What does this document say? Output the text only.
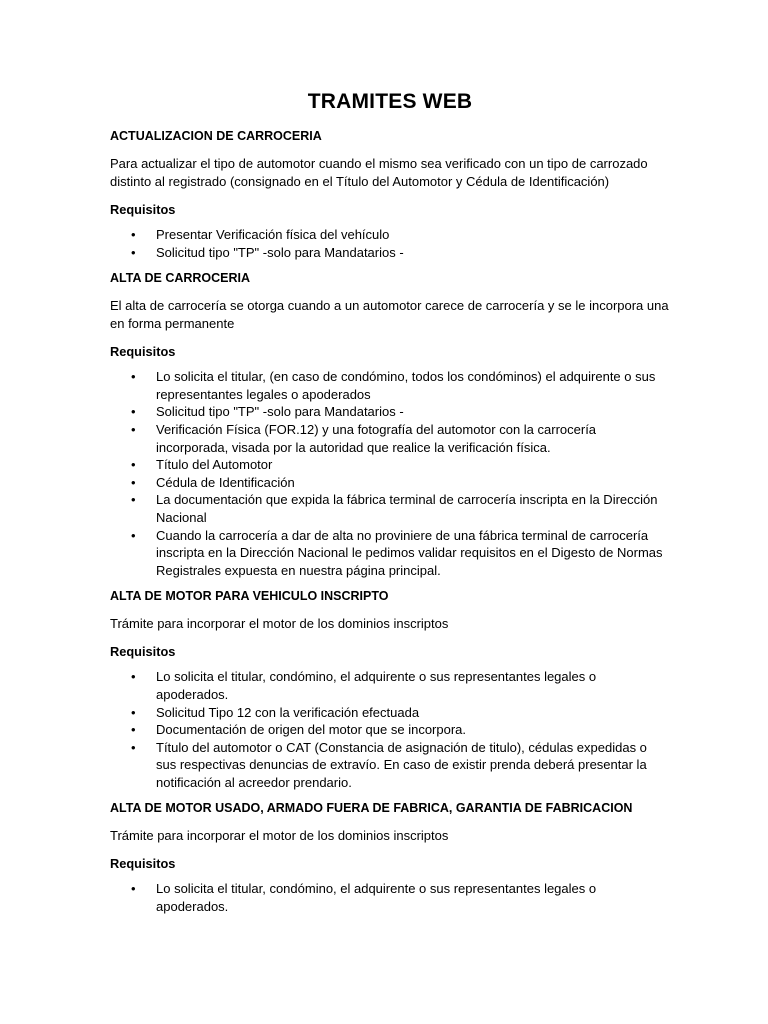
TRAMITES WEB
ACTUALIZACION DE CARROCERIA
Para actualizar el tipo de automotor cuando el mismo sea verificado con un tipo de carrozado distinto al registrado (consignado en el Título del Automotor y Cédula de Identificación)
Requisitos
• Presentar Verificación física del vehículo
• Solicitud tipo "TP" -solo para Mandatarios -
ALTA DE CARROCERIA
El alta de carrocería se otorga cuando a un automotor carece de carrocería y se le incorpora una en forma permanente
Requisitos
• Lo solicita el titular, (en caso de condómino, todos los condóminos) el adquirente o sus representantes legales o apoderados
• Solicitud tipo "TP" -solo para Mandatarios -
• Verificación Física (FOR.12) y una fotografía del automotor con la carrocería incorporada, visada por la autoridad que realice la verificación física.
• Título del Automotor
• Cédula de Identificación
• La documentación que expida la fábrica terminal de carrocería inscripta en la Dirección Nacional
• Cuando la carrocería a dar de alta no proviniere de una fábrica terminal de carrocería inscripta en la Dirección Nacional le pedimos validar requisitos en el Digesto de Normas Registrales expuesta en nuestra página principal.
ALTA DE MOTOR PARA VEHICULO INSCRIPTO
Trámite para incorporar el motor de los dominios inscriptos
Requisitos
• Lo solicita el titular, condómino, el adquirente o sus representantes legales o apoderados.
• Solicitud Tipo 12 con la verificación efectuada
• Documentación de origen del motor que se incorpora.
• Título del automotor o CAT (Constancia de asignación de titulo), cédulas expedidas o sus respectivas denuncias de extravío. En caso de existir prenda deberá presentar la notificación al acreedor prendario.
ALTA DE MOTOR USADO, ARMADO FUERA DE FABRICA, GARANTIA DE FABRICACION
Trámite para incorporar el motor de los dominios inscriptos
Requisitos
• Lo solicita el titular, condómino, el adquirente o sus representantes legales o apoderados.
